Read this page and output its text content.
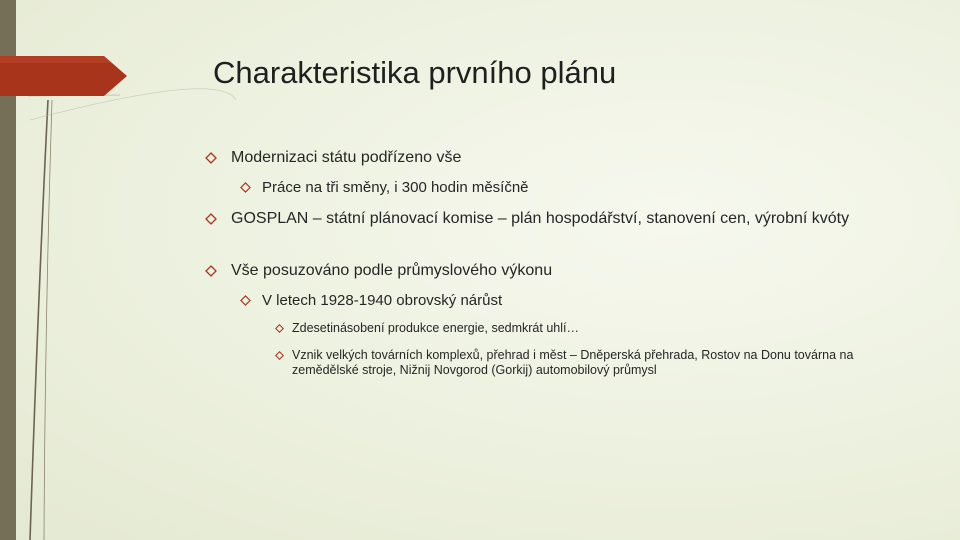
Charakteristika prvního plánu
Modernizaci státu podřízeno vše
Práce na tři směny, i 300 hodin měsíčně
GOSPLAN – státní plánovací komise – plán hospodářství, stanovení cen, výrobní kvóty
Vše posuzováno podle průmyslového výkonu
V letech 1928-1940 obrovský nárůst
Zdesetinásobení produkce energie, sedmkrát uhlí…
Vznik velkých továrních komplexů, přehrad i měst – Dněperská přehrada, Rostov na Donu továrna na zemědělské stroje, Nižnij Novgorod (Gorkij) automobilový průmysl
